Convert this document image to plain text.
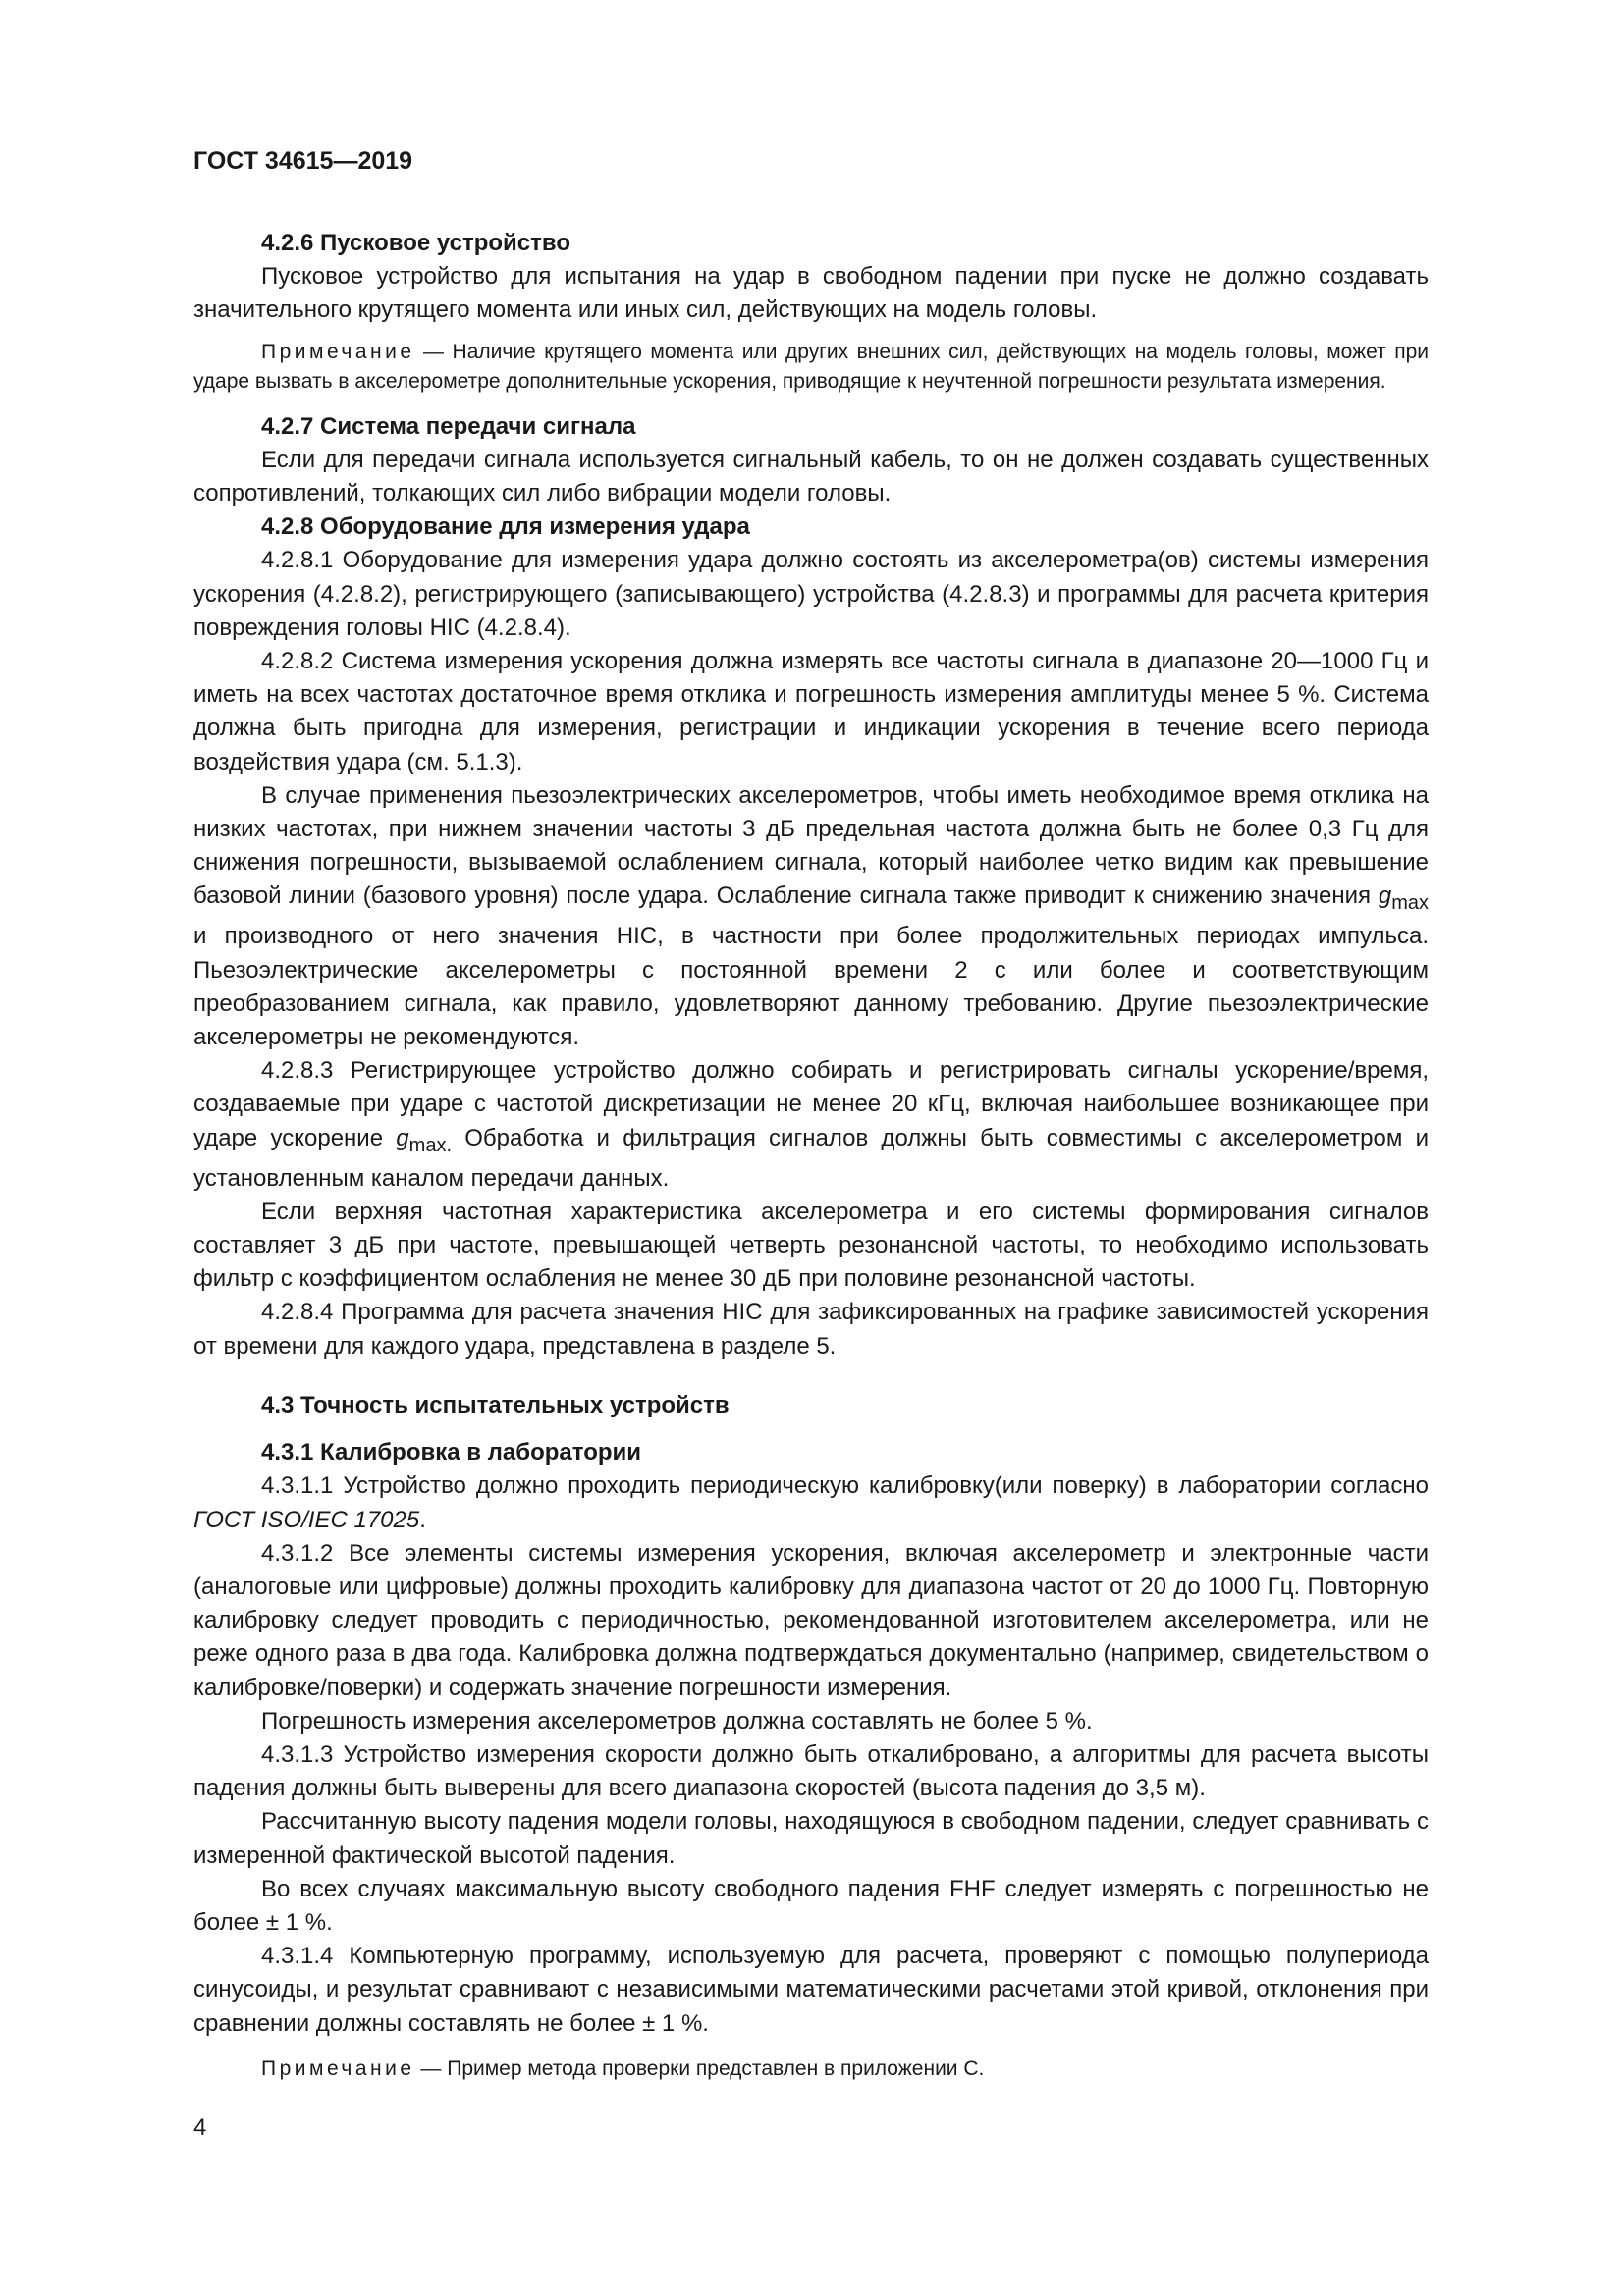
ГОСТ 34615—2019

4.2.6 Пусковое устройство

Пусковое устройство для испытания на удар в свободном падении при пуске не должно создавать значительного крутящего момента или иных сил, действующих на модель головы.

Примечание — Наличие крутящего момента или других внешних сил, действующих на модель головы, может при ударе вызвать в акселерометре дополнительные ускорения, приводящие к неучтенной погрешности результата измерения.

4.2.7 Система передачи сигнала

Если для передачи сигнала используется сигнальный кабель, то он не должен создавать существенных сопротивлений, толкающих сил либо вибрации модели головы.

4.2.8 Оборудование для измерения удара

4.2.8.1 Оборудование для измерения удара должно состоять из акселерометра(ов) системы измерения ускорения (4.2.8.2), регистрирующего (записывающего) устройства (4.2.8.3) и программы для расчета критерия повреждения головы HIC (4.2.8.4).

4.2.8.2 Система измерения ускорения должна измерять все частоты сигнала в диапазоне 20—1000 Гц и иметь на всех частотах достаточное время отклика и погрешность измерения амплитуды менее 5 %. Система должна быть пригодна для измерения, регистрации и индикации ускорения в течение всего периода воздействия удара (см. 5.1.3).

В случае применения пьезоэлектрических акселерометров, чтобы иметь необходимое время отклика на низких частотах, при нижнем значении частоты 3 дБ предельная частота должна быть не более 0,3 Гц для снижения погрешности, вызываемой ослаблением сигнала, который наиболее четко видим как превышение базовой линии (базового уровня) после удара. Ослабление сигнала также приводит к снижению значения $g_{max}$ и производного от него значения HIC, в частности при более продолжительных периодах импульса. Пьезоэлектрические акселерометры с постоянной времени 2 с или более и соответствующим преобразованием сигнала, как правило, удовлетворяют данному требованию. Другие пьезоэлектрические акселерометры не рекомендуются.

4.2.8.3 Регистрирующее устройство должно собирать и регистрировать сигналы ускорение/время, создаваемые при ударе с частотой дискретизации не менее 20 кГц, включая наибольшее возникающее при ударе ускорение $g_{max.}$ Обработка и фильтрация сигналов должны быть совместимы с акселерометром и установленным каналом передачи данных.

Если верхняя частотная характеристика акселерометра и его системы формирования сигналов составляет 3 дБ при частоте, превышающей четверть резонансной частоты, то необходимо использовать фильтр с коэффициентом ослабления не менее 30 дБ при половине резонансной частоты.

4.2.8.4 Программа для расчета значения HIC для зафиксированных на графике зависимостей ускорения от времени для каждого удара, представлена в разделе 5.

4.3 Точность испытательных устройств

4.3.1 Калибровка в лаборатории

4.3.1.1 Устройство должно проходить периодическую калибровку(или поверку) в лаборатории согласно ГОСТ ISO/IEC 17025.

4.3.1.2 Все элементы системы измерения ускорения, включая акселерометр и электронные части (аналоговые или цифровые) должны проходить калибровку для диапазона частот от 20 до 1000 Гц. Повторную калибровку следует проводить с периодичностью, рекомендованной изготовителем акселерометра, или не реже одного раза в два года. Калибровка должна подтверждаться документально (например, свидетельством о калибровке/поверки) и содержать значение погрешности измерения.

Погрешность измерения акселерометров должна составлять не более 5 %.

4.3.1.3 Устройство измерения скорости должно быть откалибровано, а алгоритмы для расчета высоты падения должны быть выверены для всего диапазона скоростей (высота падения до 3,5 м).

Рассчитанную высоту падения модели головы, находящуюся в свободном падении, следует сравнивать с измеренной фактической высотой падения.

Во всех случаях максимальную высоту свободного падения FHF следует измерять с погрешностью не более ± 1 %.

4.3.1.4 Компьютерную программу, используемую для расчета, проверяют с помощью полупериода синусоиды, и результат сравнивают с независимыми математическими расчетами этой кривой, отклонения при сравнении должны составлять не более ± 1 %.

Примечание — Пример метода проверки представлен в приложении С.

4
